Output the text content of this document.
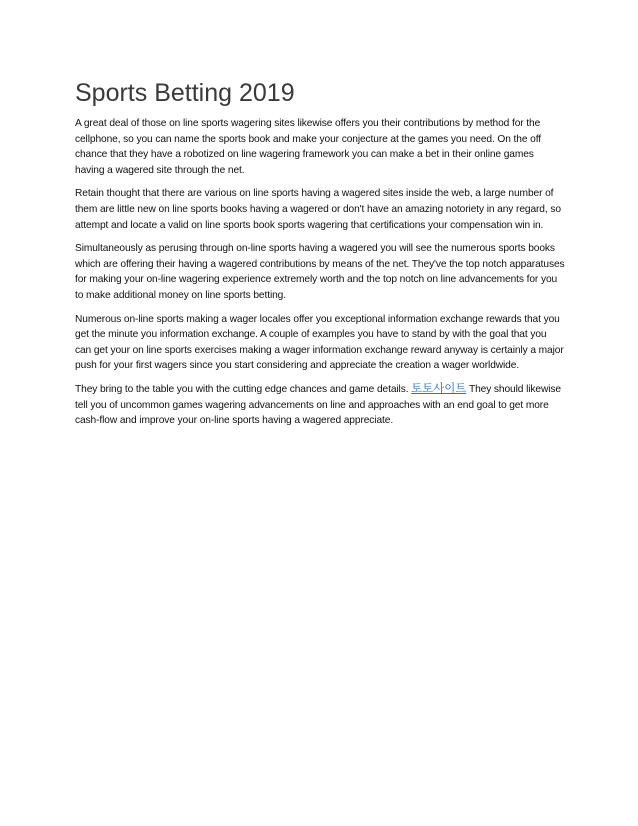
Sports Betting 2019

A great deal of those on line sports wagering sites likewise offers you their contributions by method for the cellphone, so you can name the sports book and make your conjecture at the games you need. On the off chance that they have a robotized on line wagering framework you can make a bet in their online games having a wagered site through the net.

Retain thought that there are various on line sports having a wagered sites inside the web, a large number of them are little new on line sports books having a wagered or don't have an amazing notoriety in any regard, so attempt and locate a valid on line sports book sports wagering that certifications your compensation win in.

Simultaneously as perusing through on-line sports having a wagered you will see the numerous sports books which are offering their having a wagered contributions by means of the net. They've the top notch apparatuses for making your on-line wagering experience extremely worth and the top notch on line advancements for you to make additional money on line sports betting.

Numerous on-line sports making a wager locales offer you exceptional information exchange rewards that you get the minute you information exchange. A couple of examples you have to stand by with the goal that you can get your on line sports exercises making a wager information exchange reward anyway is certainly a major push for your first wagers since you start considering and appreciate the creation a wager worldwide.

They bring to the table you with the cutting edge chances and game details. 토토사이트 They should likewise tell you of uncommon games wagering advancements on line and approaches with an end goal to get more cash-flow and improve your on-line sports having a wagered appreciate.
